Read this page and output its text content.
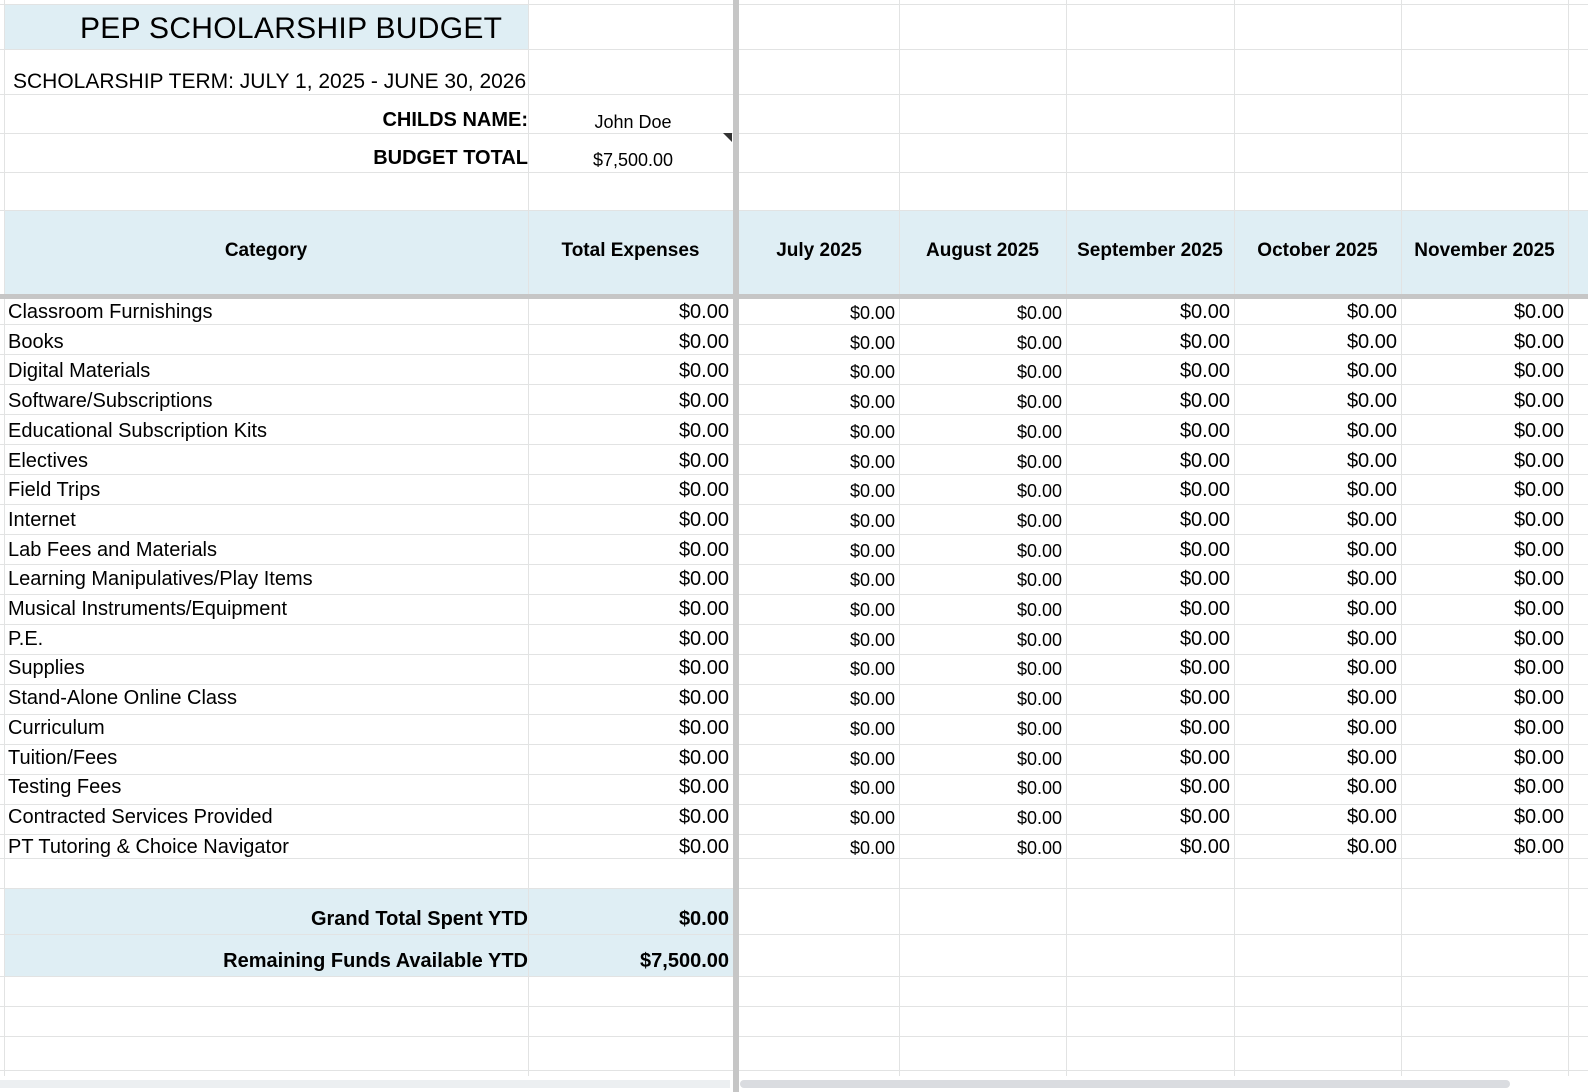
PEP SCHOLARSHIP BUDGET
SCHOLARSHIP TERM: JULY 1, 2025 - JUNE 30, 2026
CHILDS NAME:	John Doe
BUDGET TOTAL	$7,500.00
Category	Total Expenses	July 2025	August 2025	September 2025	October 2025	November 2025
Classroom Furnishings	$0.00	$0.00	$0.00	$0.00	$0.00	$0.00
Books	$0.00	$0.00	$0.00	$0.00	$0.00	$0.00
Digital Materials	$0.00	$0.00	$0.00	$0.00	$0.00	$0.00
Software/Subscriptions	$0.00	$0.00	$0.00	$0.00	$0.00	$0.00
Educational Subscription Kits	$0.00	$0.00	$0.00	$0.00	$0.00	$0.00
Electives	$0.00	$0.00	$0.00	$0.00	$0.00	$0.00
Field Trips	$0.00	$0.00	$0.00	$0.00	$0.00	$0.00
Internet	$0.00	$0.00	$0.00	$0.00	$0.00	$0.00
Lab Fees and Materials	$0.00	$0.00	$0.00	$0.00	$0.00	$0.00
Learning Manipulatives/Play Items	$0.00	$0.00	$0.00	$0.00	$0.00	$0.00
Musical Instruments/Equipment	$0.00	$0.00	$0.00	$0.00	$0.00	$0.00
P.E.	$0.00	$0.00	$0.00	$0.00	$0.00	$0.00
Supplies	$0.00	$0.00	$0.00	$0.00	$0.00	$0.00
Stand-Alone Online Class	$0.00	$0.00	$0.00	$0.00	$0.00	$0.00
Curriculum	$0.00	$0.00	$0.00	$0.00	$0.00	$0.00
Tuition/Fees	$0.00	$0.00	$0.00	$0.00	$0.00	$0.00
Testing Fees	$0.00	$0.00	$0.00	$0.00	$0.00	$0.00
Contracted Services Provided	$0.00	$0.00	$0.00	$0.00	$0.00	$0.00
PT Tutoring & Choice Navigator	$0.00	$0.00	$0.00	$0.00	$0.00	$0.00
Grand Total Spent YTD	$0.00
Remaining Funds Available YTD	$7,500.00
